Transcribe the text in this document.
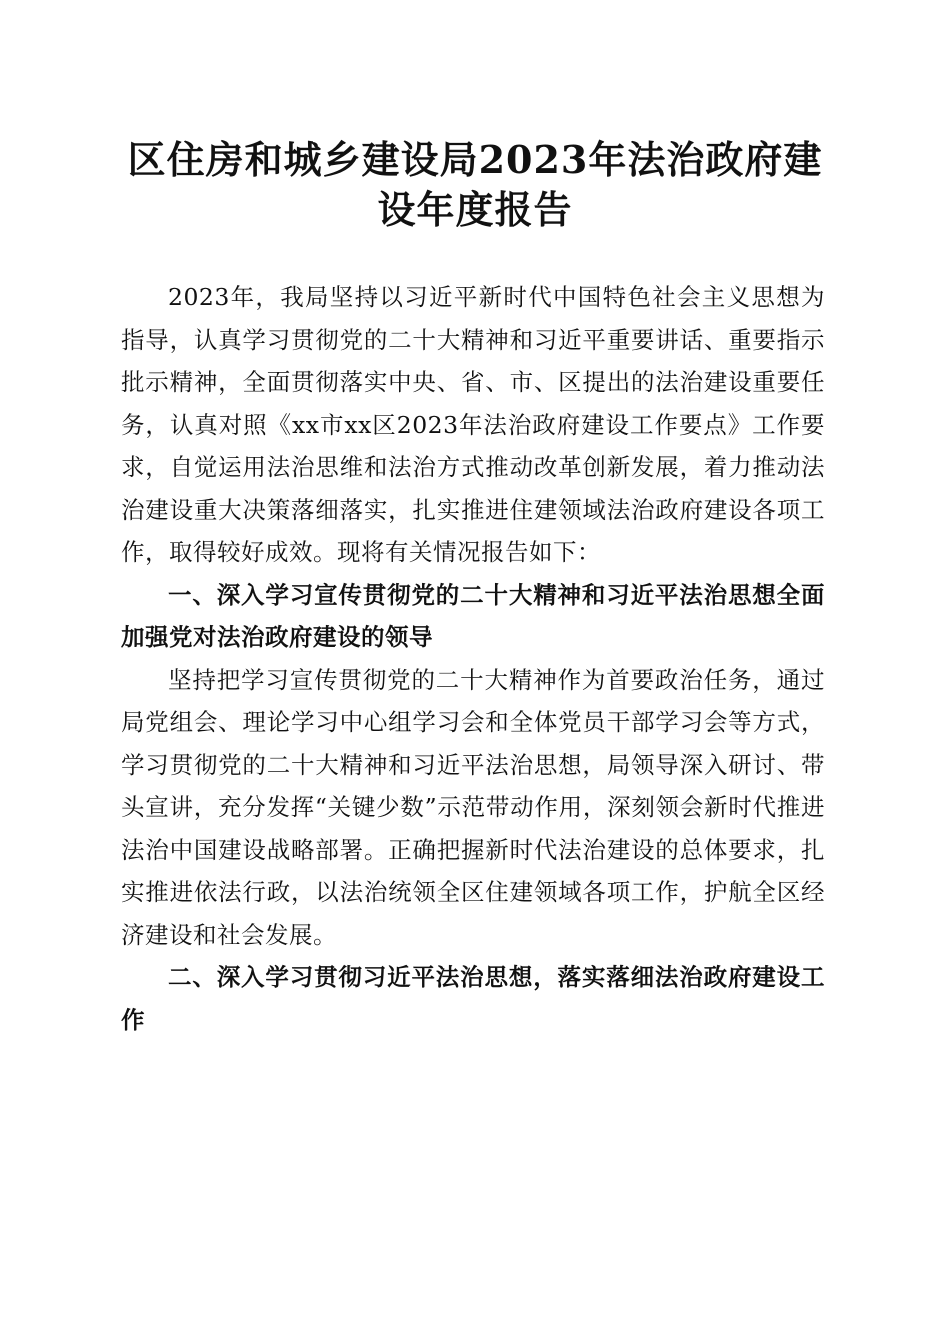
区住房和城乡建设局2023年法治政府建设年度报告

2023年，我局坚持以习近平新时代中国特色社会主义思想为指导，认真学习贯彻党的二十大精神和习近平重要讲话、重要指示批示精神，全面贯彻落实中央、省、市、区提出的法治建设重要任务，认真对照《xx市xx区2023年法治政府建设工作要点》工作要求，自觉运用法治思维和法治方式推动改革创新发展，着力推动法治建设重大决策落细落实，扎实推进住建领域法治政府建设各项工作，取得较好成效。现将有关情况报告如下：

一、深入学习宣传贯彻党的二十大精神和习近平法治思想全面加强党对法治政府建设的领导

坚持把学习宣传贯彻党的二十大精神作为首要政治任务，通过局党组会、理论学习中心组学习会和全体党员干部学习会等方式，学习贯彻党的二十大精神和习近平法治思想，局领导深入研讨、带头宣讲，充分发挥“关键少数”示范带动作用，深刻领会新时代推进法治中国建设战略部署。正确把握新时代法治建设的总体要求，扎实推进依法行政，以法治统领全区住建领域各项工作，护航全区经济建设和社会发展。

二、深入学习贯彻习近平法治思想，落实落细法治政府建设工作
